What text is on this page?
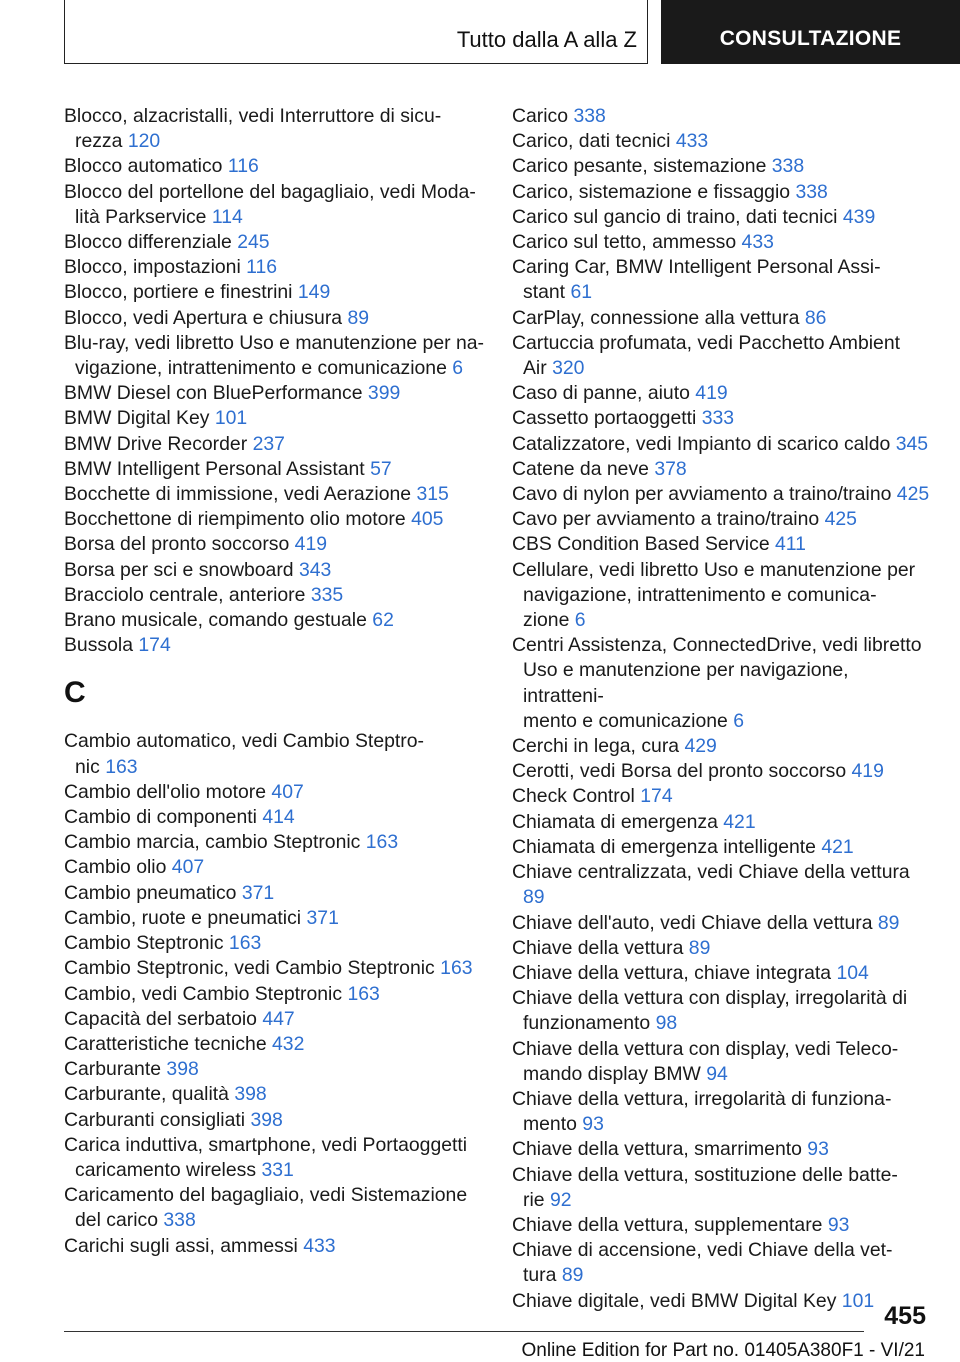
Tutto dalla A alla Z	CONSULTAZIONE
Blocco, alzacristalli, vedi Interruttore di sicu-
rezza 120
Blocco automatico 116
Blocco del portellone del bagagliaio, vedi Moda-
lità Parkservice 114
Blocco differenziale 245
Blocco, impostazioni 116
Blocco, portiere e finestrini 149
Blocco, vedi Apertura e chiusura 89
Blu-ray, vedi libretto Uso e manutenzione per na-
vigazione, intrattenimento e comunicazione 6
BMW Diesel con BluePerformance 399
BMW Digital Key 101
BMW Drive Recorder 237
BMW Intelligent Personal Assistant 57
Bocchette di immissione, vedi Aerazione 315
Bocchettone di riempimento olio motore 405
Borsa del pronto soccorso 419
Borsa per sci e snowboard 343
Bracciolo centrale, anteriore 335
Brano musicale, comando gestuale 62
Bussola 174
C
Cambio automatico, vedi Cambio Steptro-
nic 163
Cambio dell'olio motore 407
Cambio di componenti 414
Cambio marcia, cambio Steptronic 163
Cambio olio 407
Cambio pneumatico 371
Cambio, ruote e pneumatici 371
Cambio Steptronic 163
Cambio Steptronic, vedi Cambio Steptronic 163
Cambio, vedi Cambio Steptronic 163
Capacità del serbatoio 447
Caratteristiche tecniche 432
Carburante 398
Carburante, qualità 398
Carburanti consigliati 398
Carica induttiva, smartphone, vedi Portaoggetti
caricamento wireless 331
Caricamento del bagagliaio, vedi Sistemazione
del carico 338
Carichi sugli assi, ammessi 433
Carico 338
Carico, dati tecnici 433
Carico pesante, sistemazione 338
Carico, sistemazione e fissaggio 338
Carico sul gancio di traino, dati tecnici 439
Carico sul tetto, ammesso 433
Caring Car, BMW Intelligent Personal Assi-
stant 61
CarPlay, connessione alla vettura 86
Cartuccia profumata, vedi Pacchetto Ambient
Air 320
Caso di panne, aiuto 419
Cassetto portaoggetti 333
Catalizzatore, vedi Impianto di scarico caldo 345
Catene da neve 378
Cavo di nylon per avviamento a traino/traino 425
Cavo per avviamento a traino/traino 425
CBS Condition Based Service 411
Cellulare, vedi libretto Uso e manutenzione per
navigazione, intrattenimento e comunica-
zione 6
Centri Assistenza, ConnectedDrive, vedi libretto
Uso e manutenzione per navigazione, intratteni-
mento e comunicazione 6
Cerchi in lega, cura 429
Cerotti, vedi Borsa del pronto soccorso 419
Check Control 174
Chiamata di emergenza 421
Chiamata di emergenza intelligente 421
Chiave centralizzata, vedi Chiave della vettura 89
Chiave dell'auto, vedi Chiave della vettura 89
Chiave della vettura 89
Chiave della vettura, chiave integrata 104
Chiave della vettura con display, irregolarità di
funzionamento 98
Chiave della vettura con display, vedi Teleco-
mando display BMW 94
Chiave della vettura, irregolarità di funziona-
mento 93
Chiave della vettura, smarrimento 93
Chiave della vettura, sostituzione delle batte-
rie 92
Chiave della vettura, supplementare 93
Chiave di accensione, vedi Chiave della vet-
tura 89
Chiave digitale, vedi BMW Digital Key 101
455
Online Edition for Part no. 01405A380F1 - VI/21
